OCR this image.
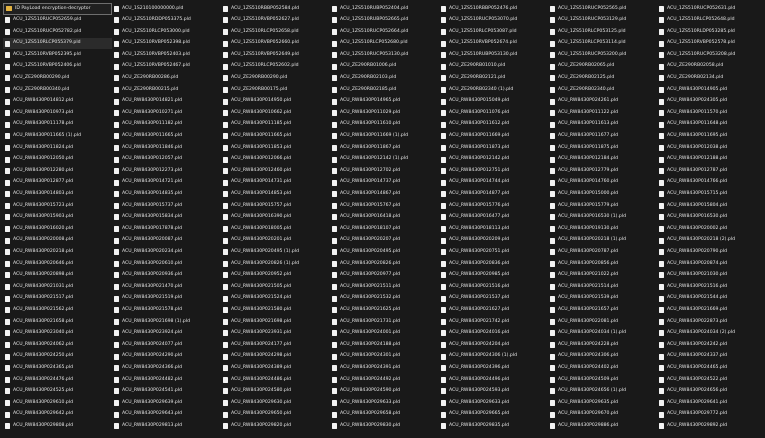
ID PayLoad encryption-decryptor
ACU_1ZS510RUCP052659.pld
ACU_1ZS510RUCP052782.pld
ACU_1ZS510RLCP055379.pld
ACU_1ZS510RVBP052395.pld
ACU_1ZS510RVBP052406.pld
ACU_ZE290RB00290.pld
ACU_ZE290RB00340.pld
ACU_RW8430P014812.pld
ACU_RW8430P010973.pld
ACU_RW8430P011178.pld
ACU_RW8430P011665 (1).pld
ACU_RW8430P011824.pld
ACU_RW8430P012050.pld
ACU_RW8430P012280.pld
ACU_RW8430P012877.pld
ACU_RW8430P014803.pld
ACU_RW8430P015723.pld
ACU_RW8430P015903.pld
ACU_RW8430P016020.pld
ACU_RW8430P020008.pld
ACU_RW8430P020218.pld
ACU_RW8430P020646.pld
ACU_RW8430P020898.pld
ACU_RW8430P021031.pld
ACU_RW8430P021517.pld
ACU_RW8430P021562.pld
ACU_RW8430P021658.pld
ACU_RW8430P023040.pld
ACU_RW8430P024062.pld
ACU_RW8430P024250.pld
ACU_RW8430P024365.pld
ACU_RW8430P024476.pld
ACU_RW8430P024525.pld
ACU_RW8430P029610.pld
ACU_RW8430P029642.pld
ACU_RW8430P029808.pld
ACU_1S210100000000.pld
ACU_1ZS510RDDP053375.pld
ACU_1ZS510RLCP053000.pld
ACU_1ZS510RVBP052398.pld
ACU_1ZS510RVBP052403.pld
ACU_1ZS510RVBP052467.pld
ACU_ZE290RB00286.pld
ACU_ZE290RB00215.pld
ACU_RW8430P014821.pld
ACU_RW8430P010271.pld
ACU_RW8430P011182.pld
ACU_RW8430P011665.pld
ACU_RW8430P011846.pld
ACU_RW8430P012057.pld
ACU_RW8430P012273.pld
ACU_RW8430P014721.pld
ACU_RW8430P014835.pld
ACU_RW8430P015737.pld
ACU_RW8430P015834.pld
ACU_RW8430P017878.pld
ACU_RW8430P020087.pld
ACU_RW8430P020234.pld
ACU_RW8430P020610.pld
ACU_RW8430P020936.pld
ACU_RW8430P021470.pld
ACU_RW8430P021519.pld
ACU_RW8430P021578.pld
ACU_RW8430P021698 (1).pld
ACU_RW8430P023924.pld
ACU_RW8430P024077.pld
ACU_RW8430P024290.pld
ACU_RW8430P024366.pld
ACU_RW8430P024482.pld
ACU_RW8430P024541.pld
ACU_RW8430P029639.pld
ACU_RW8430P029643.pld
ACU_RW8430P029813.pld
ACU_1ZS510RBBP052584.pld
ACU_1ZS510RVBP052627.pld
ACU_1ZS510RLCP052658.pld
ACU_1ZS510RVBP052660.pld
ACU_1ZS510RVBP052649.pld
ACU_1ZS510RLCP052602.pld
ACU_ZE290RB00290.pld
ACU_ZE290RB00175.pld
ACU_RW8430P014950.pld
ACU_RW8430P010662.pld
ACU_RW8430P011185.pld
ACU_RW8430P011665.pld
ACU_RW8430P011853.pld
ACU_RW8430P012066.pld
ACU_RW8430P012460.pld
ACU_RW8430P014731.pld
ACU_RW8430P014853.pld
ACU_RW8430P015757.pld
ACU_RW8430P016390.pld
ACU_RW8430P018005.pld
ACU_RW8430P020201.pld
ACU_RW8430P020495 (1).pld
ACU_RW8430P020826 (1).pld
ACU_RW8430P020952.pld
ACU_RW8430P021505.pld
ACU_RW8430P021524.pld
ACU_RW8430P021580.pld
ACU_RW8430P021698.pld
ACU_RW8430P023931.pld
ACU_RW8430P024177.pld
ACU_RW8430P024298.pld
ACU_RW8430P024389.pld
ACU_RW8430P024486.pld
ACU_RW8430P024580.pld
ACU_RW8430P029630.pld
ACU_RW8430P029650.pld
ACU_RW8430P029820.pld
ACU_1ZS510RUBP052404.pld
ACU_1ZS510RUBP052665.pld
ACU_1ZS510RUCP052664.pld
ACU_1ZS510RLCP052680.pld
ACU_1ZS510RUCP053130.pld
ACU_ZE290RB01006.pld
ACU_ZE290RB02103.pld
ACU_ZE290RB02185.pld
ACU_RW8430P014965.pld
ACU_RW8430P011029.pld
ACU_RW8430P011610.pld
ACU_RW8430P011669 (1).pld
ACU_RW8430P011867.pld
ACU_RW8430P012142 (1).pld
ACU_RW8430P012702.pld
ACU_RW8430P014737.pld
ACU_RW8430P014867.pld
ACU_RW8430P015767.pld
ACU_RW8430P016418.pld
ACU_RW8430P018107.pld
ACU_RW8430P020207.pld
ACU_RW8430P020495.pld
ACU_RW8430P020826.pld
ACU_RW8430P020977.pld
ACU_RW8430P021511.pld
ACU_RW8430P021532.pld
ACU_RW8430P021625.pld
ACU_RW8430P021731.pld
ACU_RW8430P024001.pld
ACU_RW8430P024188.pld
ACU_RW8430P024301.pld
ACU_RW8430P024391.pld
ACU_RW8430P024492.pld
ACU_RW8430P024590.pld
ACU_RW8430P029633.pld
ACU_RW8430P029658.pld
ACU_RW8430P029830.pld
ACU_1ZS510RBBP052476.pld
ACU_1ZS510RUCP053070.pld
ACU_1ZS510RLCP053087.pld
ACU_1ZS510RVBP052674.pld
ACU_1ZS510RUBP053130.pld
ACU_ZE290RB01010.pld
ACU_ZE290RB02121.pld
ACU_ZE290RB02340 (1).pld
ACU_RW8430P015049.pld
ACU_RW8430P011076.pld
ACU_RW8430P011612.pld
ACU_RW8430P011669.pld
ACU_RW8430P011873.pld
ACU_RW8430P012142.pld
ACU_RW8430P012751.pld
ACU_RW8430P014744.pld
ACU_RW8430P014877.pld
ACU_RW8430P015776.pld
ACU_RW8430P016477.pld
ACU_RW8430P018113.pld
ACU_RW8430P020209.pld
ACU_RW8430P020751.pld
ACU_RW8430P020836.pld
ACU_RW8430P020985.pld
ACU_RW8430P021516.pld
ACU_RW8430P021537.pld
ACU_RW8430P021627.pld
ACU_RW8430P021742.pld
ACU_RW8430P024016.pld
ACU_RW8430P024204.pld
ACU_RW8430P024306 (1).pld
ACU_RW8430P024396.pld
ACU_RW8430P024496.pld
ACU_RW8430P024593.pld
ACU_RW8430P029633.pld
ACU_RW8430P029665.pld
ACU_RW8430P029835.pld
ACU_1ZS510RUCP052565.pld
ACU_1ZS510RUCP053129.pld
ACU_1ZS510RLCP053125.pld
ACU_1ZS510RLCP053114.pld
ACU_1ZS510RUCP053200.pld
ACU_ZE290RB02065.pld
ACU_ZE290RB02125.pld
ACU_ZE290RB02340.pld
ACU_RW8430P024261.pld
ACU_RW8430P011122.pld
ACU_RW8430P011613.pld
ACU_RW8430P011677.pld
ACU_RW8430P011875.pld
ACU_RW8430P012184.pld
ACU_RW8430P012779.pld
ACU_RW8430P014760.pld
ACU_RW8430P015000.pld
ACU_RW8430P015779.pld
ACU_RW8430P016530 (1).pld
ACU_RW8430P019130.pld
ACU_RW8430P020218 (1).pld
ACU_RW8430P020787.pld
ACU_RW8430P020856.pld
ACU_RW8430P021022.pld
ACU_RW8430P021514.pld
ACU_RW8430P021539.pld
ACU_RW8430P021657.pld
ACU_RW8430P022081.pld
ACU_RW8430P024034 (1).pld
ACU_RW8430P024228.pld
ACU_RW8430P024306.pld
ACU_RW8430P024402.pld
ACU_RW8430P024509.pld
ACU_RW8430P024656 (1).pld
ACU_RW8430P029635.pld
ACU_RW8430P029670.pld
ACU_RW8430P029886.pld
ACU_1ZS510RUCP052631.pld
ACU_1ZS510RLCP052648.pld
ACU_1ZS510RLDP053285.pld
ACU_1ZS510RVBP052578.pld
ACU_1ZS510RUCP053208.pld
ACU_ZE290RB02058.pld
ACU_ZE290RB02134.pld
ACU_RW8430P014905.pld
ACU_RW8430P024305.pld
ACU_RW8430P011570.pld
ACU_RW8430P011648.pld
ACU_RW8430P011695.pld
ACU_RW8430P012038.pld
ACU_RW8430P012188.pld
ACU_RW8430P012787.pld
ACU_RW8430P014766.pld
ACU_RW8430P015715.pld
ACU_RW8430P015804.pld
ACU_RW8430P016530.pld
ACU_RW8430P020002.pld
ACU_RW8430P020218 (2).pld
ACU_RW8430P020790.pld
ACU_RW8430P020874.pld
ACU_RW8430P021030.pld
ACU_RW8430P021516.pld
ACU_RW8430P021544.pld
ACU_RW8430P021669.pld
ACU_RW8430P022873.pld
ACU_RW8430P024034 (2).pld
ACU_RW8430P024242.pld
ACU_RW8430P024337.pld
ACU_RW8430P024465.pld
ACU_RW8430P024522.pld
ACU_RW8430P024656.pld
ACU_RW8430P029641.pld
ACU_RW8430P029772.pld
ACU_RW8430P029892.pld
